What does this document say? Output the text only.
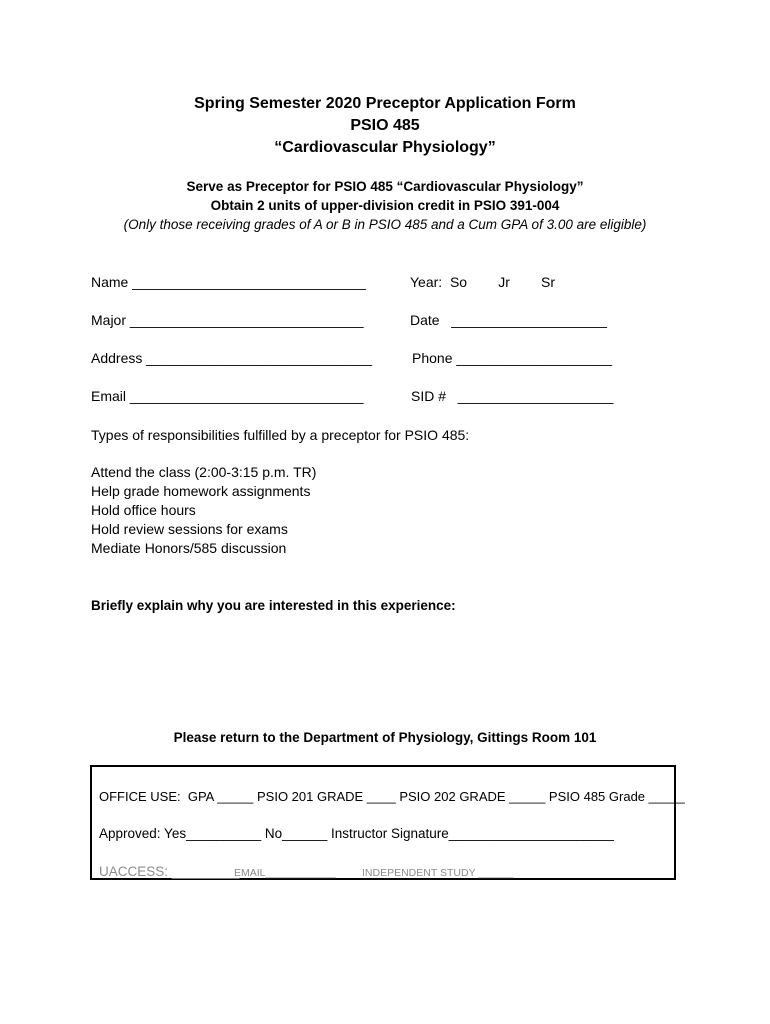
Spring Semester 2020 Preceptor Application Form
PSIO 485
“Cardiovascular Physiology”
Serve as Preceptor for PSIO 485 “Cardiovascular Physiology”
Obtain 2 units of upper-division credit in PSIO 391-004
(Only those receiving grades of A or B in PSIO 485 and a Cum GPA of 3.00 are eligible)
Name ______________________________	Year:  So        Jr        Sr
Major ______________________________	Date   ____________________
Address _____________________________	Phone ____________________
Email ______________________________	SID #   ____________________
Types of responsibilities fulfilled by a preceptor for PSIO 485:
Attend the class (2:00-3:15 p.m. TR)
Help grade homework assignments
Hold office hours
Hold review sessions for exams
Mediate Honors/585 discussion
Briefly explain why you are interested in this experience:
Please return to the Department of Physiology, Gittings Room 101
OFFICE USE:  GPA _____ PSIO 201 GRADE ____ PSIO 202 GRADE _____ PSIO 485 Grade _____
Approved: Yes__________ No______ Instructor Signature______________________
UACCESS: _________
EMAIL____________	INDEPENDENT STUDY ______
